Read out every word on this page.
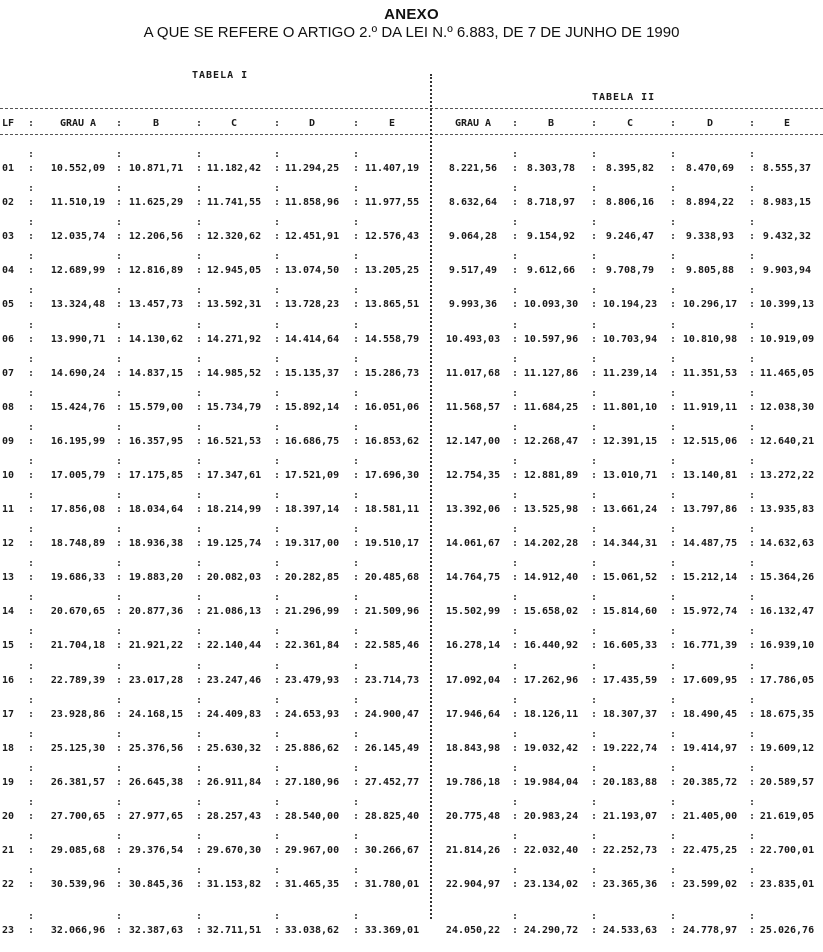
ANEXO
A QUE SE REFERE O ARTIGO 2.º DA LEI N.º 6.883, DE 7 DE JUNHO DE 1990
TABELA I
TABELA II
LF	GRAU A	B	C	D	E	GRAU A	B	C	D	E
:	:	:	:	:	:	:	:	:
01	10.552,09	10.871,71	11.182,42	11.294,25	11.407,19	8.221,56	8.303,78	8.395,82	8.470,69	8.555,37
:
:
:
:
:
:
:
:
:
:
:
:
:
:
:
:
:
:
02	11.510,19	11.625,29	11.741,55	11.858,96	11.977,55	8.632,64	8.718,97	8.806,16	8.894,22	8.983,15
:
:
:
:
:
:
:
:
:
:
:
:
:
:
:
:
:
:
03	12.035,74	12.206,56	12.320,62	12.451,91	12.576,43	9.064,28	9.154,92	9.246,47	9.338,93	9.432,32
:
:
:
:
:
:
:
:
:
:
:
:
:
:
:
:
:
:
04	12.689,99	12.816,89	12.945,05	13.074,50	13.205,25	9.517,49	9.612,66	9.708,79	9.805,88	9.903,94
:
:
:
:
:
:
:
:
:
:
:
:
:
:
:
:
:
:
05	13.324,48	13.457,73	13.592,31	13.728,23	13.865,51	9.993,36	10.093,30	10.194,23	10.296,17	10.399,13
:
:
:
:
:
:
:
:
:
:
:
:
:
:
:
:
:
:
06	13.990,71	14.130,62	14.271,92	14.414,64	14.558,79	10.493,03	10.597,96	10.703,94	10.810,98	10.919,09
:
:
:
:
:
:
:
:
:
:
:
:
:
:
:
:
:
:
07	14.690,24	14.837,15	14.985,52	15.135,37	15.286,73	11.017,68	11.127,86	11.239,14	11.351,53	11.465,05
:
:
:
:
:
:
:
:
:
:
:
:
:
:
:
:
:
:
08	15.424,76	15.579,00	15.734,79	15.892,14	16.051,06	11.568,57	11.684,25	11.801,10	11.919,11	12.038,30
:
:
:
:
:
:
:
:
:
:
:
:
:
:
:
:
:
:
09	16.195,99	16.357,95	16.521,53	16.686,75	16.853,62	12.147,00	12.268,47	12.391,15	12.515,06	12.640,21
:
:
:
:
:
:
:
:
:
:
:
:
:
:
:
:
:
:
10	17.005,79	17.175,85	17.347,61	17.521,09	17.696,30	12.754,35	12.881,89	13.010,71	13.140,81	13.272,22
:
:
:
:
:
:
:
:
:
:
:
:
:
:
:
:
:
:
11	17.856,08	18.034,64	18.214,99	18.397,14	18.581,11	13.392,06	13.525,98	13.661,24	13.797,86	13.935,83
:
:
:
:
:
:
:
:
:
:
:
:
:
:
:
:
:
:
12	18.748,89	18.936,38	19.125,74	19.317,00	19.510,17	14.061,67	14.202,28	14.344,31	14.487,75	14.632,63
:
:
:
:
:
:
:
:
:
:
:
:
:
:
:
:
:
:
13	19.686,33	19.883,20	20.082,03	20.282,85	20.485,68	14.764,75	14.912,40	15.061,52	15.212,14	15.364,26
:
:
:
:
:
:
:
:
:
:
:
:
:
:
:
:
:
:
14	20.670,65	20.877,36	21.086,13	21.296,99	21.509,96	15.502,99	15.658,02	15.814,60	15.972,74	16.132,47
:
:
:
:
:
:
:
:
:
:
:
:
:
:
:
:
:
:
15	21.704,18	21.921,22	22.140,44	22.361,84	22.585,46	16.278,14	16.440,92	16.605,33	16.771,39	16.939,10
:
:
:
:
:
:
:
:
:
:
:
:
:
:
:
:
:
:
16	22.789,39	23.017,28	23.247,46	23.479,93	23.714,73	17.092,04	17.262,96	17.435,59	17.609,95	17.786,05
:
:
:
:
:
:
:
:
:
:
:
:
:
:
:
:
:
:
17	23.928,86	24.168,15	24.409,83	24.653,93	24.900,47	17.946,64	18.126,11	18.307,37	18.490,45	18.675,35
:
:
:
:
:
:
:
:
:
:
:
:
:
:
:
:
:
:
18	25.125,30	25.376,56	25.630,32	25.886,62	26.145,49	18.843,98	19.032,42	19.222,74	19.414,97	19.609,12
:
:
:
:
:
:
:
:
:
:
:
:
:
:
:
:
:
:
19	26.381,57	26.645,38	26.911,84	27.180,96	27.452,77	19.786,18	19.984,04	20.183,88	20.385,72	20.589,57
:
:
:
:
:
:
:
:
:
:
:
:
:
:
:
:
:
:
20	27.700,65	27.977,65	28.257,43	28.540,00	28.825,40	20.775,48	20.983,24	21.193,07	21.405,00	21.619,05
:
:
:
:
:
:
:
:
:
:
:
:
:
:
:
:
:
:
21	29.085,68	29.376,54	29.670,30	29.967,00	30.266,67	21.814,26	22.032,40	22.252,73	22.475,25	22.700,01
:
:
:
:
:
:
:
:
:
:
:
:
:
:
:
:
:
:
22	30.539,96	30.845,36	31.153,82	31.465,35	31.780,01	22.904,97	23.134,02	23.365,36	23.599,02	23.835,01
:
:
:
:
:
:
:
:
:
:
:
:
:
:
:
:
:
:
23	32.066,96	32.387,63	32.711,51	33.038,62	33.369,01	24.050,22	24.290,72	24.533,63	24.778,97	25.026,76
:
:
:
:
:
:
:
:
:
:
:
:
:
:
:
:
:
:
